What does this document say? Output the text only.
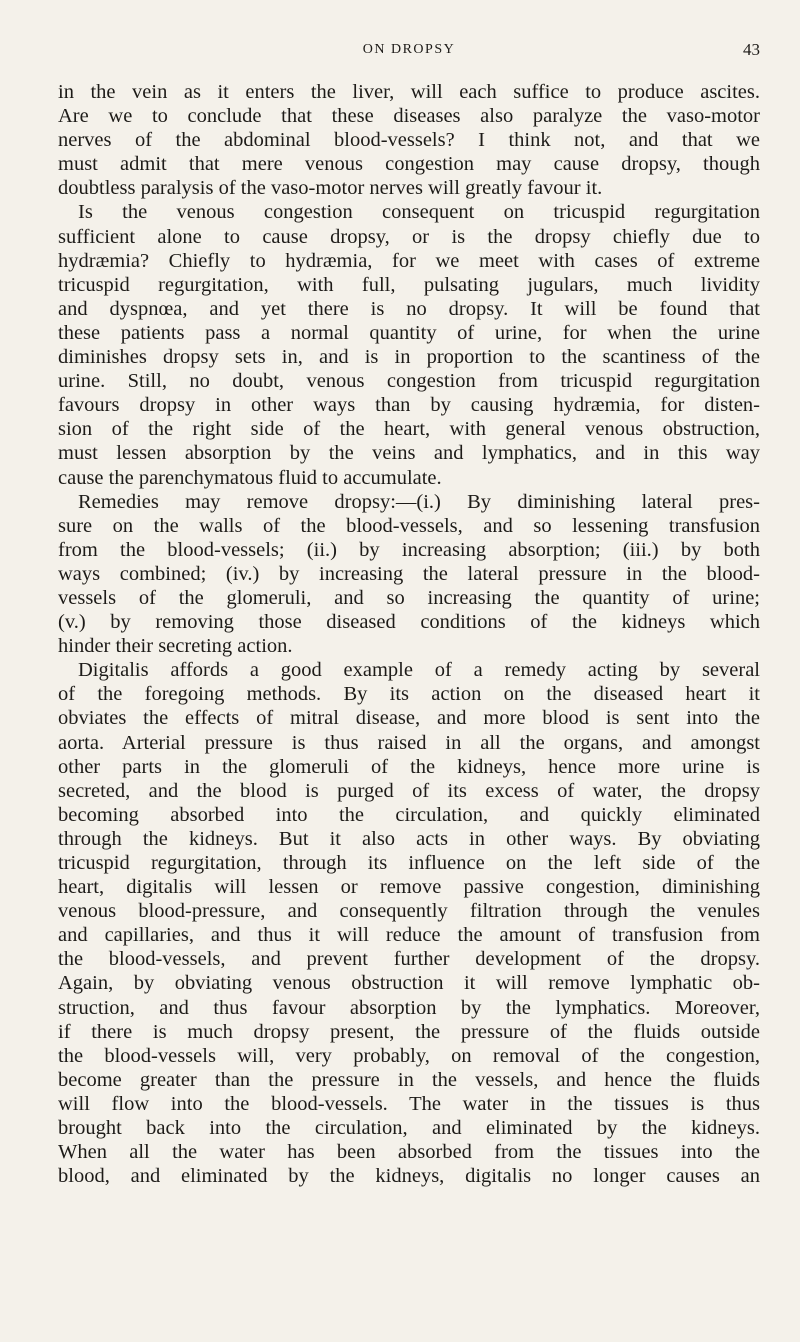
ON DROPSY	43
in the vein as it enters the liver, will each suffice to produce ascites.
Are we to conclude that these diseases also paralyze the vaso-motor
nerves of the abdominal blood-vessels? I think not, and that we
must admit that mere venous congestion may cause dropsy, though
doubtless paralysis of the vaso-motor nerves will greatly favour it.
Is the venous congestion consequent on tricuspid regurgitation
sufficient alone to cause dropsy, or is the dropsy chiefly due to
hydræmia? Chiefly to hydræmia, for we meet with cases of extreme
tricuspid regurgitation, with full, pulsating jugulars, much lividity
and dyspnœa, and yet there is no dropsy. It will be found that
these patients pass a normal quantity of urine, for when the urine
diminishes dropsy sets in, and is in proportion to the scantiness of the
urine. Still, no doubt, venous congestion from tricuspid regurgitation
favours dropsy in other ways than by causing hydræmia, for disten-
sion of the right side of the heart, with general venous obstruction,
must lessen absorption by the veins and lymphatics, and in this way
cause the parenchymatous fluid to accumulate.
Remedies may remove dropsy:—(i.) By diminishing lateral pres-
sure on the walls of the blood-vessels, and so lessening transfusion
from the blood-vessels; (ii.) by increasing absorption; (iii.) by both
ways combined; (iv.) by increasing the lateral pressure in the blood-
vessels of the glomeruli, and so increasing the quantity of urine;
(v.) by removing those diseased conditions of the kidneys which
hinder their secreting action.
Digitalis affords a good example of a remedy acting by several
of the foregoing methods. By its action on the diseased heart it
obviates the effects of mitral disease, and more blood is sent into the
aorta. Arterial pressure is thus raised in all the organs, and amongst
other parts in the glomeruli of the kidneys, hence more urine is
secreted, and the blood is purged of its excess of water, the dropsy
becoming absorbed into the circulation, and quickly eliminated
through the kidneys. But it also acts in other ways. By obviating
tricuspid regurgitation, through its influence on the left side of the
heart, digitalis will lessen or remove passive congestion, diminishing
venous blood-pressure, and consequently filtration through the venules
and capillaries, and thus it will reduce the amount of transfusion from
the blood-vessels, and prevent further development of the dropsy.
Again, by obviating venous obstruction it will remove lymphatic ob-
struction, and thus favour absorption by the lymphatics. Moreover,
if there is much dropsy present, the pressure of the fluids outside
the blood-vessels will, very probably, on removal of the congestion,
become greater than the pressure in the vessels, and hence the fluids
will flow into the blood-vessels. The water in the tissues is thus
brought back into the circulation, and eliminated by the kidneys.
When all the water has been absorbed from the tissues into the
blood, and eliminated by the kidneys, digitalis no longer causes an
